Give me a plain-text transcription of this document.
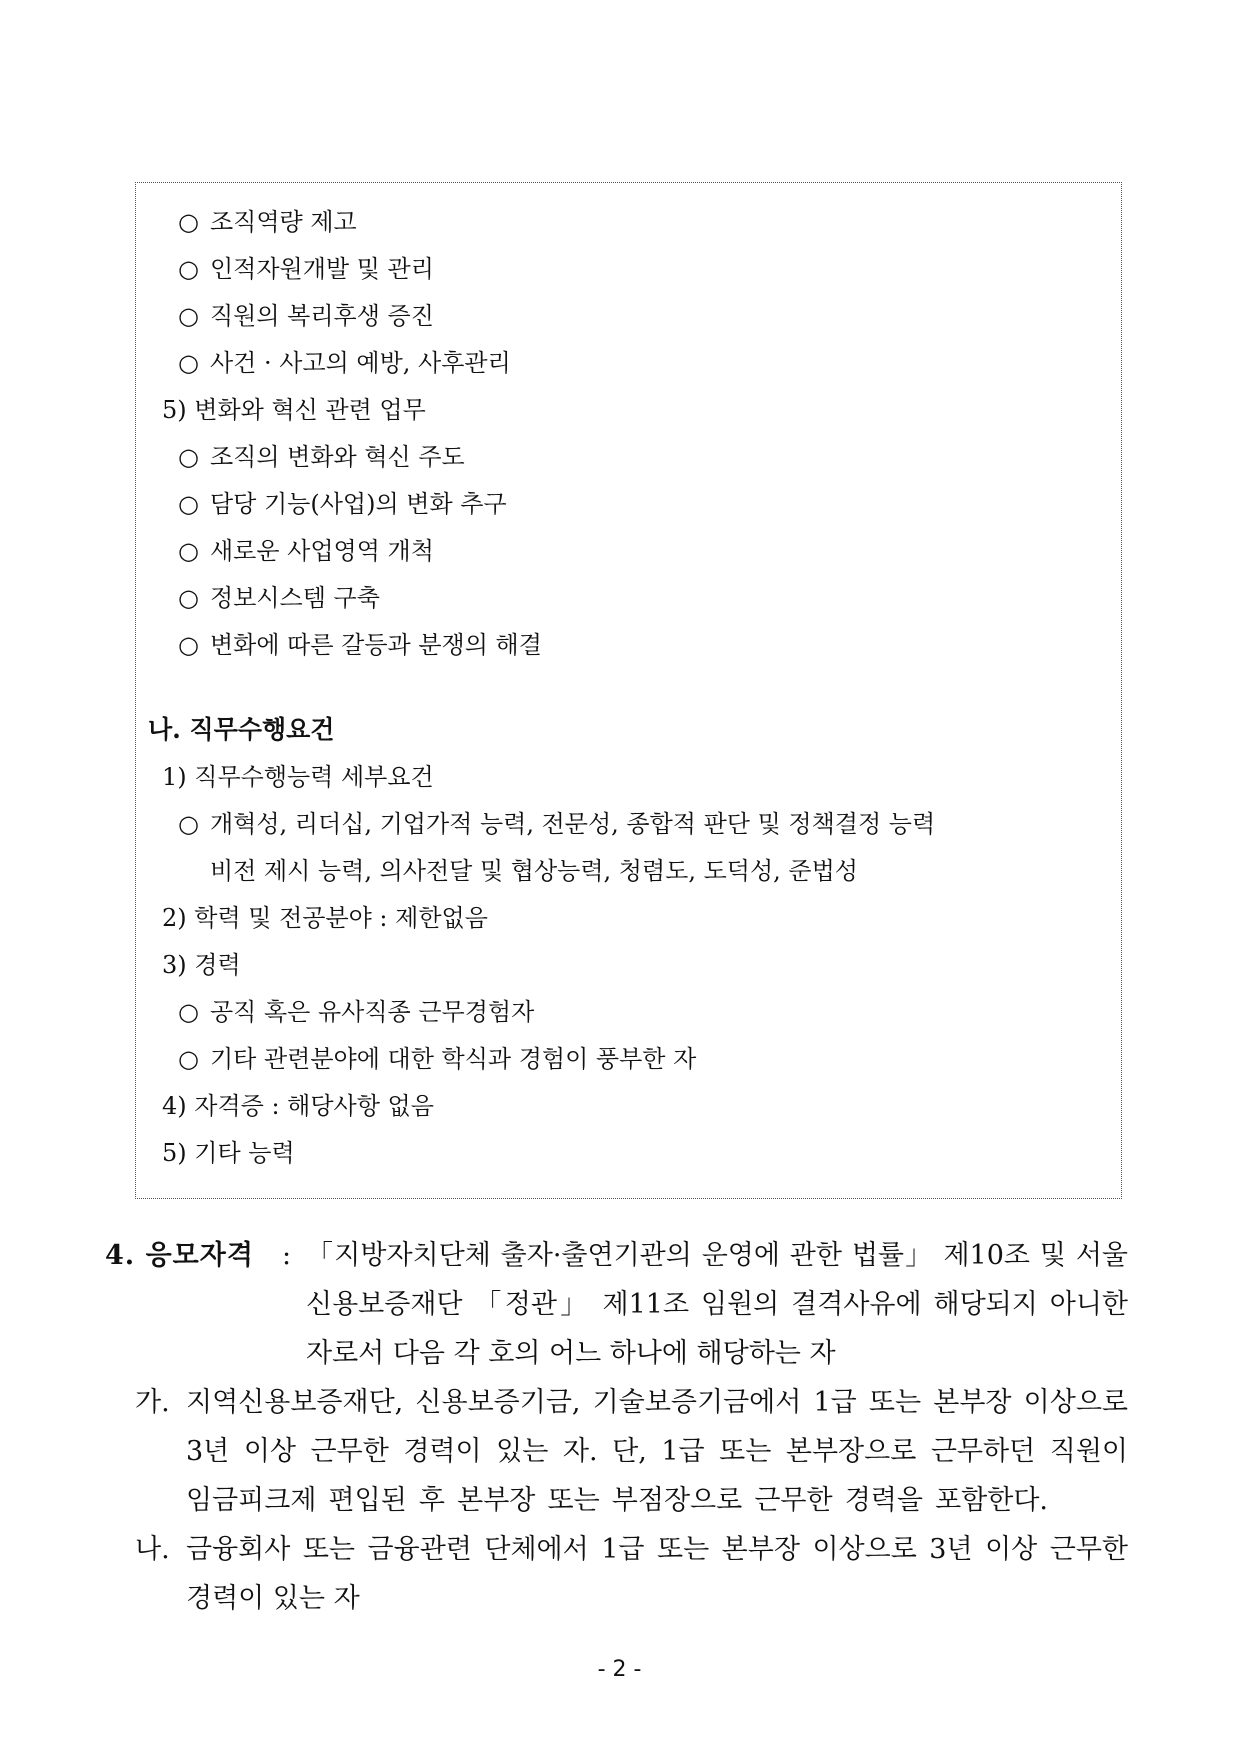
○ 조직역량 제고
○ 인적자원개발 및 관리
○ 직원의 복리후생 증진
○ 사건 · 사고의 예방, 사후관리
5) 변화와 혁신 관련 업무
○ 조직의 변화와 혁신 주도
○ 담당 기능(사업)의 변화 추구
○ 새로운 사업영역 개척
○ 정보시스템 구축
○ 변화에 따른 갈등과 분쟁의 해결
나. 직무수행요건
1) 직무수행능력 세부요건
○ 개혁성, 리더십, 기업가적 능력, 전문성, 종합적 판단 및 정책결정 능력
비전 제시 능력, 의사전달 및 협상능력, 청렴도, 도덕성, 준법성
2) 학력 및 전공분야 : 제한없음
3) 경력
○ 공직 혹은 유사직종 근무경험자
○ 기타 관련분야에 대한 학식과 경험이 풍부한 자
4) 자격증 : 해당사항 없음
5) 기타 능력
4. 응모자격 : 「지방자치단체 출자·출연기관의 운영에 관한 법률」 제10조 및 서울
신용보증재단 「정관」 제11조 임원의 결격사유에 해당되지 아니한
자로서 다음 각 호의 어느 하나에 해당하는 자
가. 지역신용보증재단, 신용보증기금, 기술보증기금에서 1급 또는 본부장 이상으로
3년 이상 근무한 경력이 있는 자. 단, 1급 또는 본부장으로 근무하던 직원이
임금피크제 편입된 후 본부장 또는 부점장으로 근무한 경력을 포함한다.
나. 금융회사 또는 금융관련 단체에서 1급 또는 본부장 이상으로 3년 이상 근무한
경력이 있는 자
- 2 -
